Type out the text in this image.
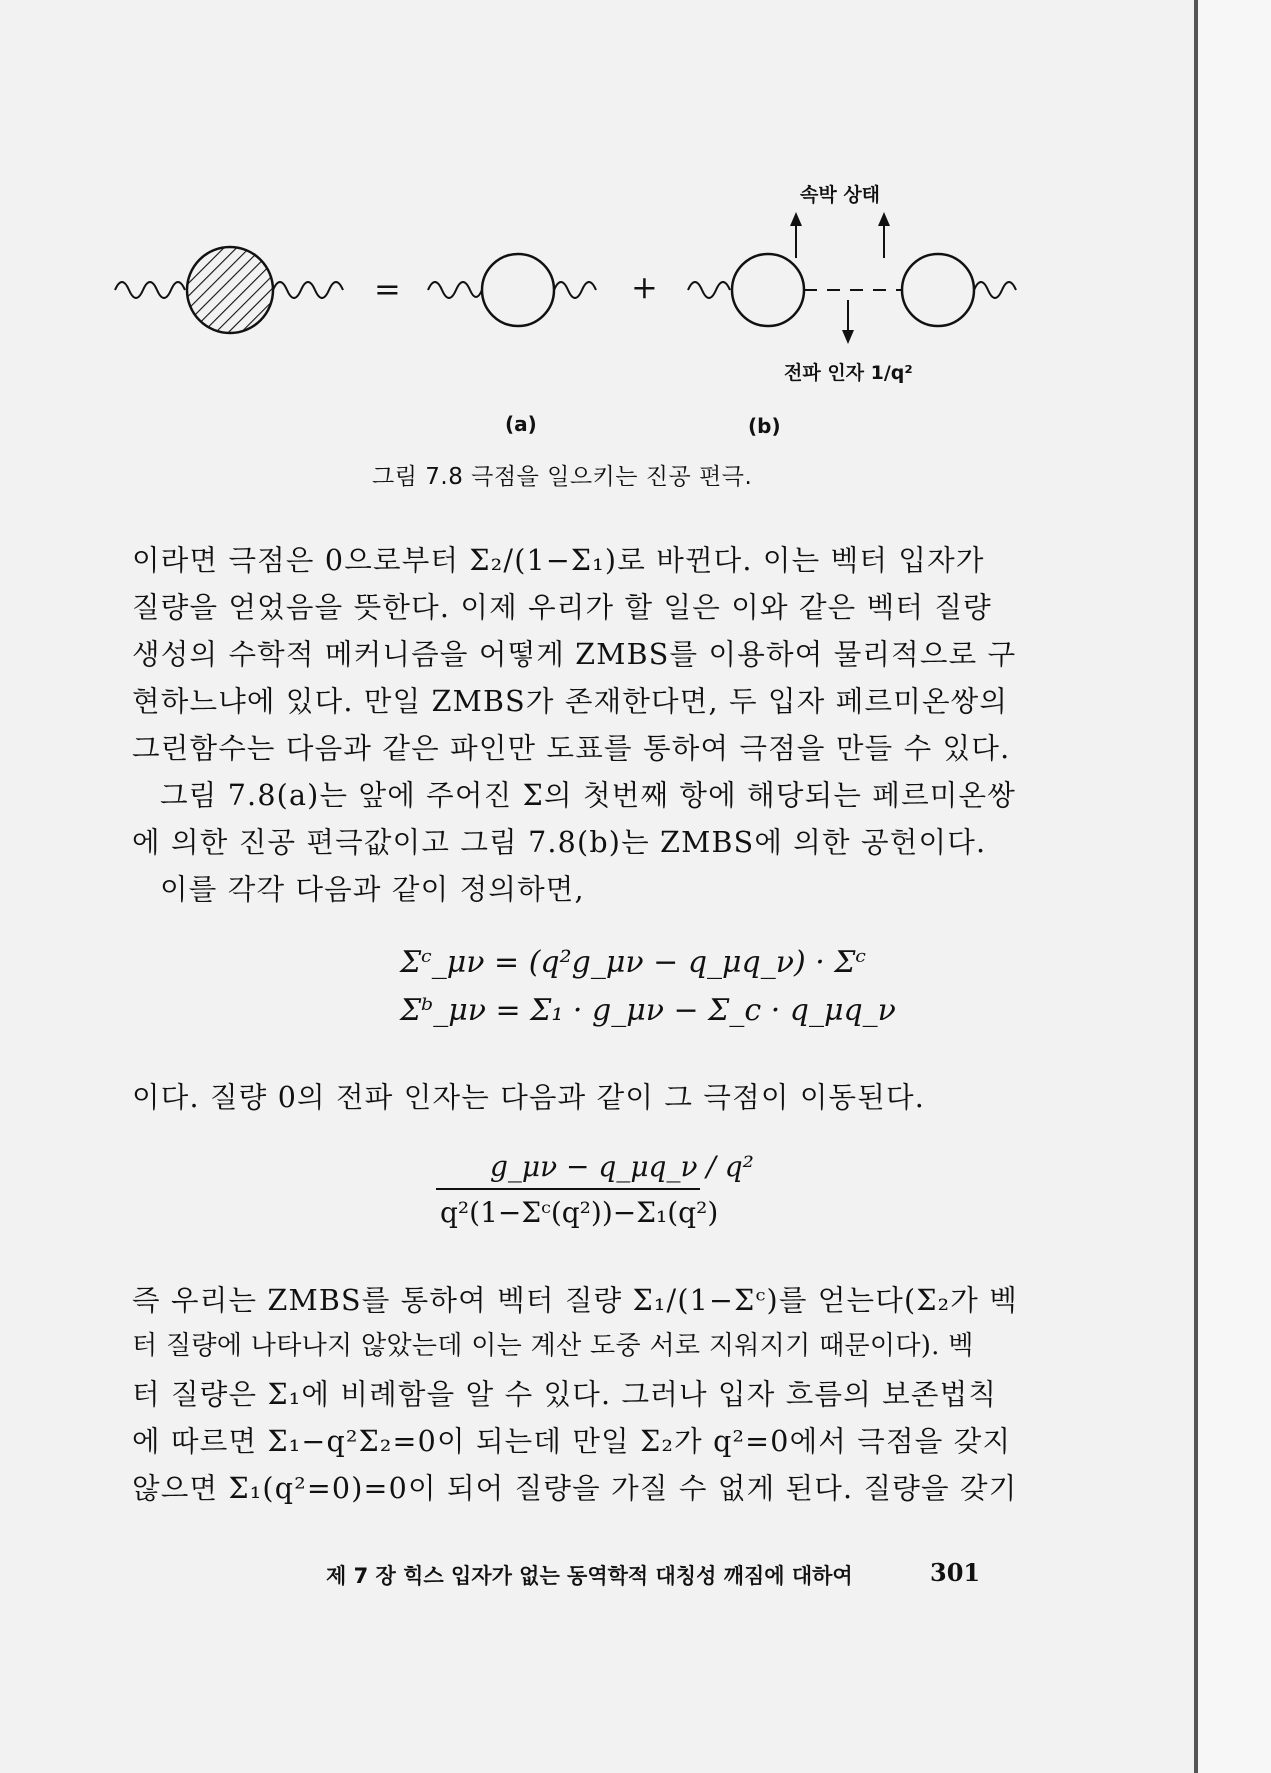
속박 상태
=	+
전파 인자 1/q²
(a)	(b)
그림 7.8 극점을 일으키는 진공 편극.
이라면 극점은 0으로부터 Σ₂/(1−Σ₁)로 바뀐다. 이는 벡터 입자가
질량을 얻었음을 뜻한다. 이제 우리가 할 일은 이와 같은 벡터 질량
생성의 수학적 메커니즘을 어떻게 ZMBS를 이용하여 물리적으로 구
현하느냐에 있다. 만일 ZMBS가 존재한다면, 두 입자 페르미온쌍의
그린함수는 다음과 같은 파인만 도표를 통하여 극점을 만들 수 있다.
그림 7.8(a)는 앞에 주어진 Σ의 첫번째 항에 해당되는 페르미온쌍
에 의한 진공 편극값이고 그림 7.8(b)는 ZMBS에 의한 공헌이다.
이를 각각 다음과 같이 정의하면,
Σᶜ_μν = (q²g_μν − q_μq_ν) · Σᶜ
Σᵇ_μν = Σ₁ · g_μν − Σ_c · q_μq_ν
이다. 질량 0의 전파 인자는 다음과 같이 그 극점이 이동된다.
g_μν − q_μq_ν / q²
q²(1−Σᶜ(q²))−Σ₁(q²)
즉 우리는 ZMBS를 통하여 벡터 질량 Σ₁/(1−Σᶜ)를 얻는다(Σ₂가 벡
터 질량에 나타나지 않았는데 이는 계산 도중 서로 지워지기 때문이다). 벡
터 질량은 Σ₁에 비례함을 알 수 있다. 그러나 입자 흐름의 보존법칙
에 따르면 Σ₁−q²Σ₂=0이 되는데 만일 Σ₂가 q²=0에서 극점을 갖지
않으면 Σ₁(q²=0)=0이 되어 질량을 가질 수 없게 된다. 질량을 갖기
제 7 장 힉스 입자가 없는 동역학적 대칭성 깨짐에 대하여	301
